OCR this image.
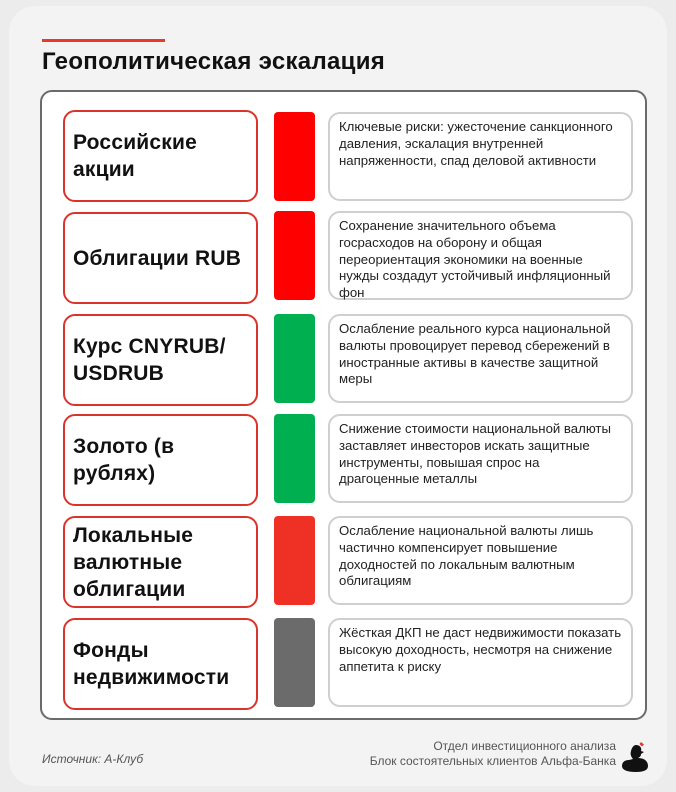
Геополитическая эскалация
Российские акции
Ключевые риски: ужесточение санкционного давления, эскалация внутренней напряженности, спад деловой активности
Облигации RUB
Сохранение значительного объема госрасходов на оборону и общая переориентация экономики на военные нужды создадут устойчивый инфляционный фон
Курс CNYRUB/ USDRUB
Ослабление реального курса национальной валюты провоцирует перевод сбережений в иностранные активы в качестве защитной меры
Золото (в рублях)
Снижение стоимости национальной валюты заставляет инвесторов искать защитные инструменты, повышая спрос на драгоценные металлы
Локальные валютные облигации
Ослабление национальной валюты лишь частично компенсирует повышение доходностей по локальным валютным облигациям
Фонды недвижимости
Жёсткая ДКП не даст недвижимости показать высокую доходность, несмотря на снижение аппетита к риску
Источник: А-Клуб
Отдел инвестиционного анализа
Блок состоятельных клиентов Альфа-Банка
